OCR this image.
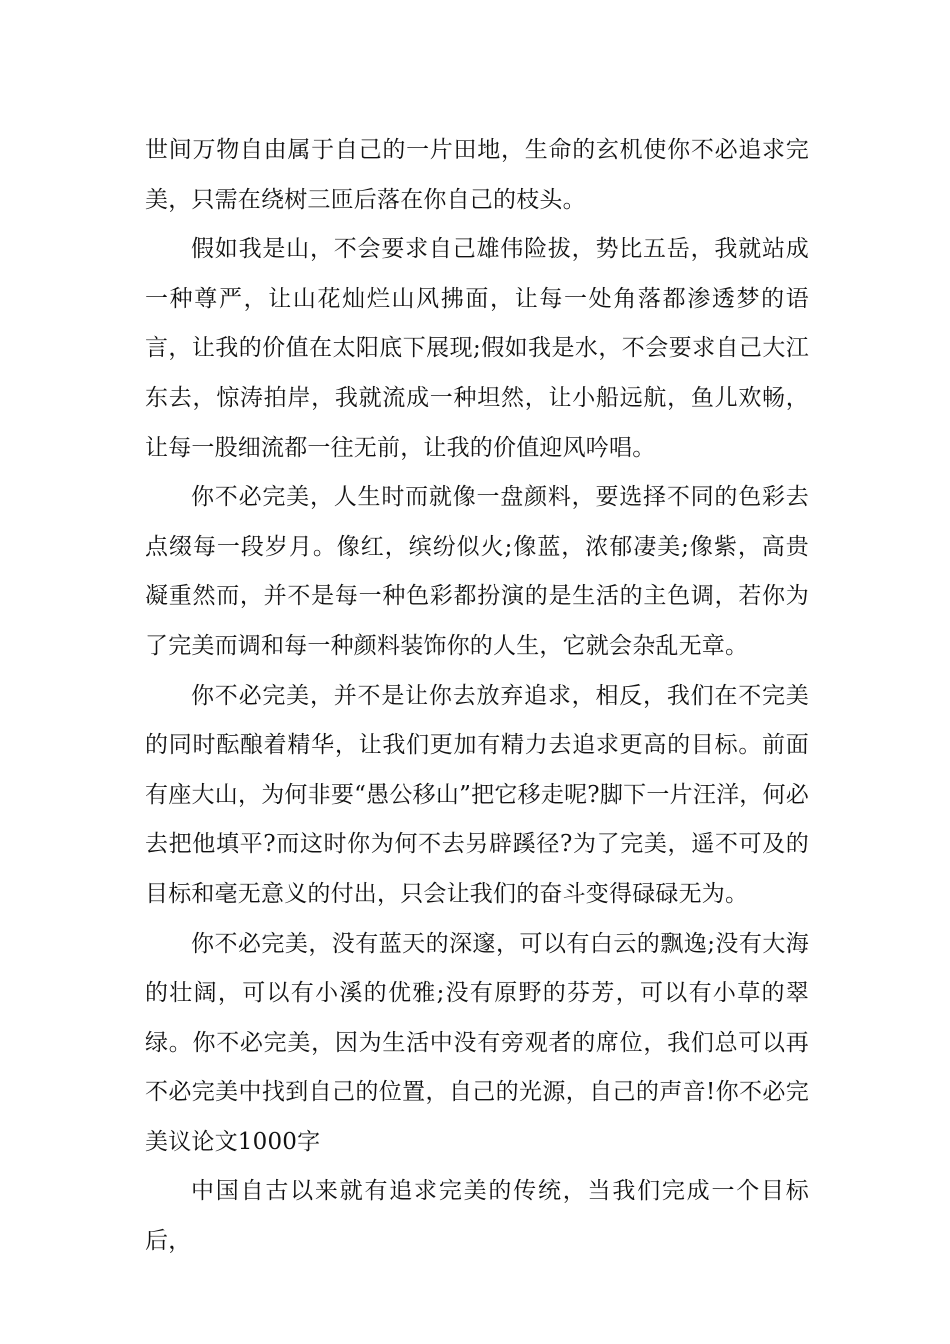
世间万物自由属于自己的一片田地，生命的玄机使你不必追求完美，只需在绕树三匝后落在你自己的枝头。

假如我是山，不会要求自己雄伟险拔，势比五岳，我就站成一种尊严，让山花灿烂山风拂面，让每一处角落都渗透梦的语言，让我的价值在太阳底下展现;假如我是水，不会要求自己大江东去，惊涛拍岸，我就流成一种坦然，让小船远航，鱼儿欢畅，让每一股细流都一往无前，让我的价值迎风吟唱。

你不必完美，人生时而就像一盘颜料，要选择不同的色彩去点缀每一段岁月。像红，缤纷似火;像蓝，浓郁凄美;像紫，高贵凝重然而，并不是每一种色彩都扮演的是生活的主色调，若你为了完美而调和每一种颜料装饰你的人生，它就会杂乱无章。

你不必完美，并不是让你去放弃追求，相反，我们在不完美的同时酝酿着精华，让我们更加有精力去追求更高的目标。前面有座大山，为何非要“愚公移山”把它移走呢?脚下一片汪洋，何必去把他填平?而这时你为何不去另辟蹊径?为了完美，遥不可及的目标和毫无意义的付出，只会让我们的奋斗变得碌碌无为。

你不必完美，没有蓝天的深邃，可以有白云的飘逸;没有大海的壮阔，可以有小溪的优雅;没有原野的芬芳，可以有小草的翠绿。你不必完美，因为生活中没有旁观者的席位，我们总可以再不必完美中找到自己的位置，自己的光源，自己的声音!你不必完美议论文1000字

中国自古以来就有追求完美的传统，当我们完成一个目标后，
